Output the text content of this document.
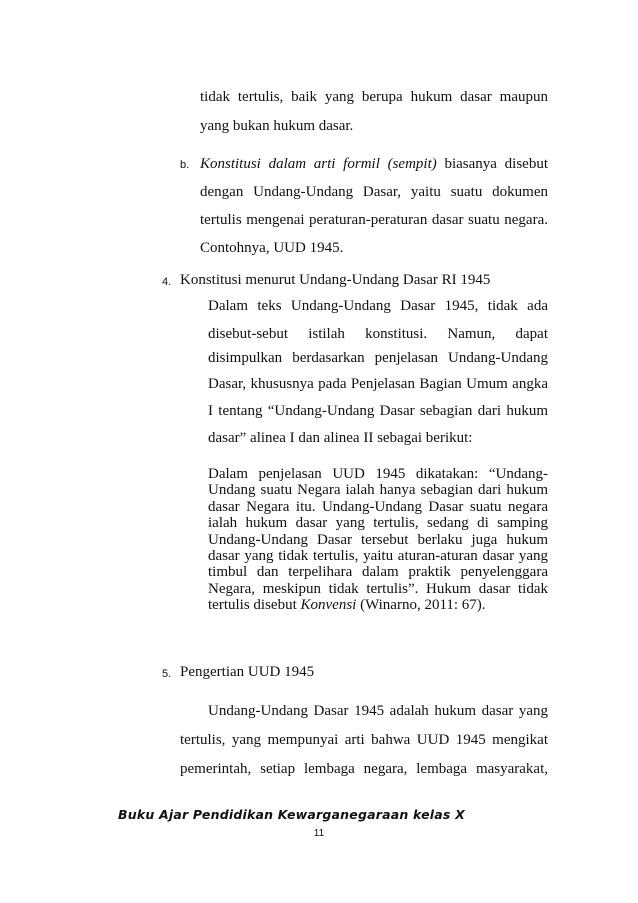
tidak tertulis, baik yang berupa hukum dasar maupun
yang bukan hukum dasar.
b. Konstitusi dalam arti formil (sempit) biasanya disebut
dengan Undang-Undang Dasar, yaitu suatu dokumen
tertulis mengenai peraturan-peraturan dasar suatu negara.
Contohnya, UUD 1945.
4. Konstitusi menurut Undang-Undang Dasar RI 1945
Dalam teks Undang-Undang Dasar 1945, tidak ada
disebut-sebut istilah konstitusi. Namun, dapat
disimpulkan berdasarkan penjelasan Undang-Undang
Dasar, khususnya pada Penjelasan Bagian Umum angka
I tentang “Undang-Undang Dasar sebagian dari hukum
dasar” alinea I dan alinea II sebagai berikut:
Dalam penjelasan UUD 1945 dikatakan: “Undang-
Undang suatu Negara ialah hanya sebagian dari hukum
dasar Negara itu. Undang-Undang Dasar suatu negara
ialah hukum dasar yang tertulis, sedang di samping
Undang-Undang Dasar tersebut berlaku juga hukum
dasar yang tidak tertulis, yaitu aturan-aturan dasar yang
timbul dan terpelihara dalam praktik penyelenggara
Negara, meskipun tidak tertulis”. Hukum dasar tidak
tertulis disebut Konvensi (Winarno, 2011: 67).
5. Pengertian UUD 1945
Undang-Undang Dasar 1945 adalah hukum dasar yang
tertulis, yang mempunyai arti bahwa UUD 1945 mengikat
pemerintah, setiap lembaga negara, lembaga masyarakat,
Buku Ajar Pendidikan Kewarganegaraan kelas X
11
